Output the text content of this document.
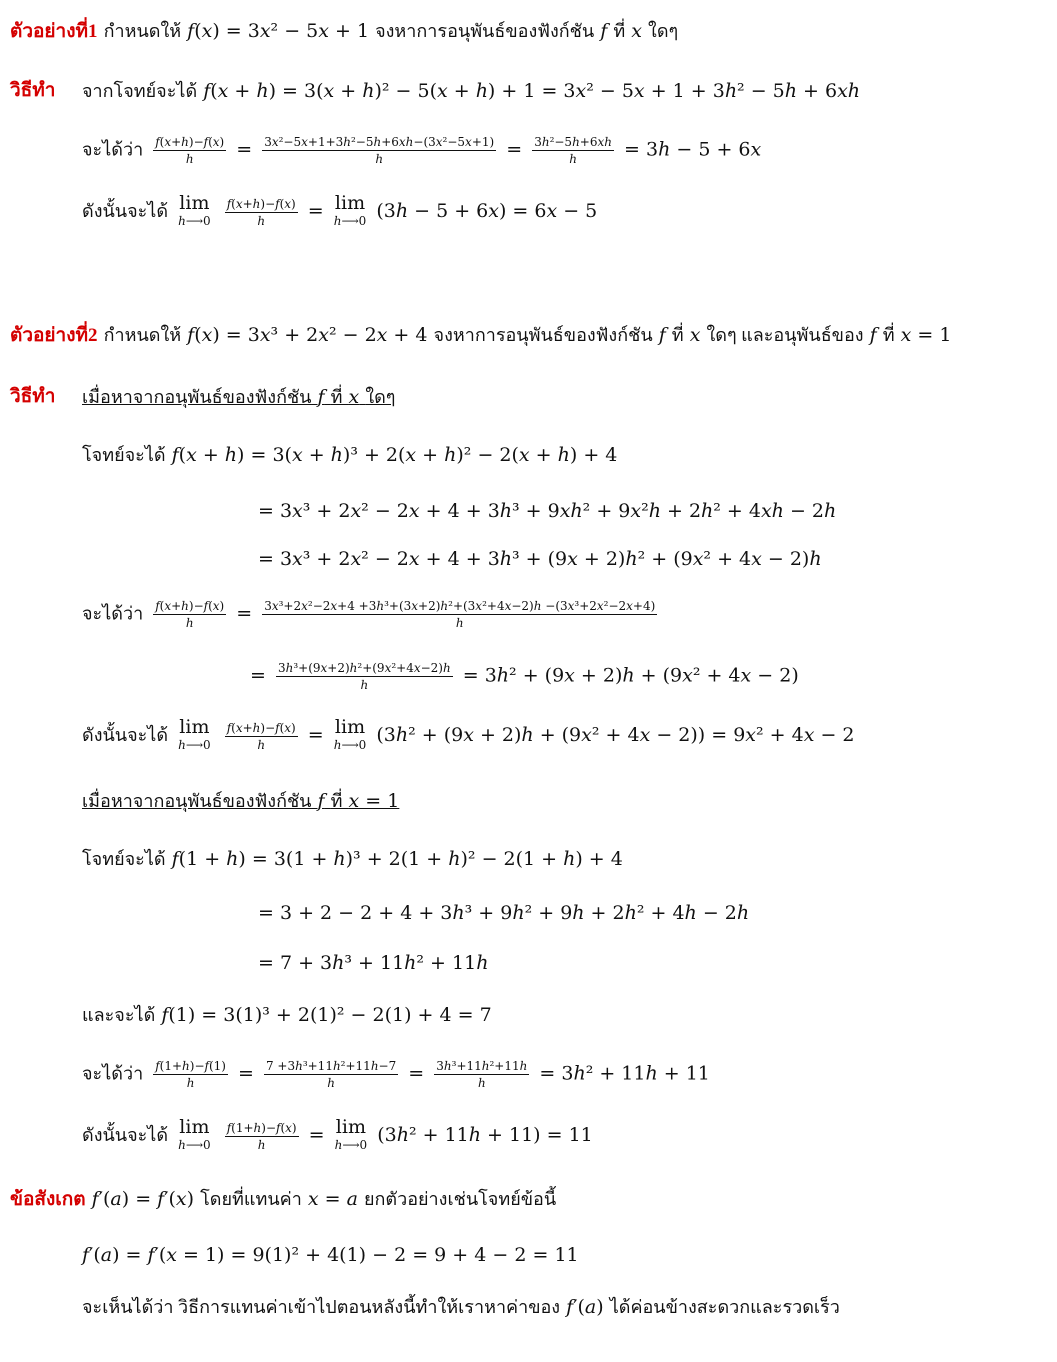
ตัวอย่างที่1 กำหนดให้ 𝑓(𝑥) = 3𝑥² − 5𝑥 + 1 จงหาการอนุพันธ์ของฟังก์ชัน 𝑓 ที่ 𝑥 ใดๆ
วิธีทำ จากโจทย์จะได้ 𝑓(𝑥 + ℎ) = 3(𝑥 + ℎ)² − 5(𝑥 + ℎ) + 1 = 3𝑥² − 5𝑥 + 1 + 3ℎ² − 5ℎ + 6𝑥ℎ
จะได้ว่า $\frac{\text{𝑓(𝑥+ℎ)−𝑓(𝑥)}}{\text{ℎ}} = \frac{\text{3𝑥²−5𝑥+1+3ℎ²−5ℎ+6𝑥ℎ−(3𝑥²−5𝑥+1)}}{\text{ℎ}} = \frac{\text{3ℎ²−5ℎ+6𝑥ℎ}}{\text{ℎ}}$ = 3ℎ − 5 + 6𝑥
ดังนั้นจะได้ lim
ℎ⟶0
$\frac{\text{𝑓(𝑥+ℎ)−𝑓(𝑥)}}{\text{ℎ}} = \lim$
ℎ⟶0 (3ℎ − 5 + 6𝑥) = 6𝑥 − 5
ตัวอย่างที่2 กำหนดให้ 𝑓(𝑥) = 3𝑥³ + 2𝑥² − 2𝑥 + 4 จงหาการอนุพันธ์ของฟังก์ชัน 𝑓 ที่ 𝑥 ใดๆ และอนุพันธ์ของ 𝑓 ที่ 𝑥 = 1
วิธีทำ เมื่อหาจากอนุพันธ์ของฟังก์ชัน 𝑓 ที่ 𝑥 ใดๆ
โจทย์จะได้ 𝑓(𝑥 + ℎ) = 3(𝑥 + ℎ)³ + 2(𝑥 + ℎ)² − 2(𝑥 + ℎ) + 4
= 3𝑥³ + 2𝑥² − 2𝑥 + 4 + 3ℎ³ + 9𝑥ℎ² + 9𝑥²ℎ + 2ℎ² + 4𝑥ℎ − 2ℎ
= 3𝑥³ + 2𝑥² − 2𝑥 + 4 + 3ℎ³ + (9𝑥 + 2)ℎ² + (9𝑥² + 4𝑥 − 2)ℎ
จะได้ว่า $\frac{\text{𝑓(𝑥+ℎ)−𝑓(𝑥)}}{\text{ℎ}}$ = 3𝑥³+2𝑥²−2𝑥+4 +3ℎ³+(3𝑥+2)ℎ²+(3𝑥²+4𝑥−2)ℎ −(3𝑥³+2𝑥²−2𝑥+4)
ℎ
= $\frac{\text{3ℎ³+(9𝑥+2)ℎ²+(9𝑥²+4𝑥−2)ℎ}}{\text{ℎ}}$ = 3ℎ² + (9𝑥 + 2)ℎ + (9𝑥² + 4𝑥 − 2)
ดังนั้นจะได้ lim
ℎ⟶0
$\frac{\text{𝑓(𝑥+ℎ)−𝑓(𝑥)}}{\text{ℎ}} = \lim$
ℎ⟶0 (3ℎ² + (9𝑥 + 2)ℎ + (9𝑥² + 4𝑥 − 2)) = 9𝑥² + 4𝑥 − 2
เมื่อหาจากอนุพันธ์ของฟังก์ชัน 𝑓 ที่ 𝑥 = 1
โจทย์จะได้ 𝑓(1 + ℎ) = 3(1 + ℎ)³ + 2(1 + ℎ)² − 2(1 + ℎ) + 4
= 3 + 2 − 2 + 4 + 3ℎ³ + 9ℎ² + 9ℎ + 2ℎ² + 4ℎ − 2ℎ
= 7 + 3ℎ³ + 11ℎ² + 11ℎ
และจะได้ 𝑓(1) = 3(1)³ + 2(1)² − 2(1) + 4 = 7
จะได้ว่า $\frac{\text{𝑓(1+ℎ)−𝑓(1)}}{\text{ℎ}} = \frac{\text{7 +3ℎ³+11ℎ²+11ℎ−7}}{\text{ℎ}} = \frac{\text{3ℎ³+11ℎ²+11ℎ}}{\text{ℎ}}$ = 3ℎ² + 11ℎ + 11
ดังนั้นจะได้ lim
ℎ⟶0
$\frac{\text{𝑓(1+ℎ)−𝑓(𝑥)}}{\text{ℎ}} = \lim$
ℎ⟶0 (3ℎ² + 11ℎ + 11) = 11
ข้อสังเกต 𝑓′(𝑎) = 𝑓′(𝑥) โดยที่แทนค่า 𝑥 = 𝑎 ยกตัวอย่างเช่นโจทย์ข้อนี้
𝑓′(𝑎) = 𝑓′(𝑥 = 1) = 9(1)² + 4(1) − 2 = 9 + 4 − 2 = 11
จะเห็นได้ว่า วิธีการแทนค่าเข้าไปตอนหลังนี้ทำให้เราหาค่าของ 𝑓′(𝑎) ได้ค่อนข้างสะดวกและรวดเร็ว
